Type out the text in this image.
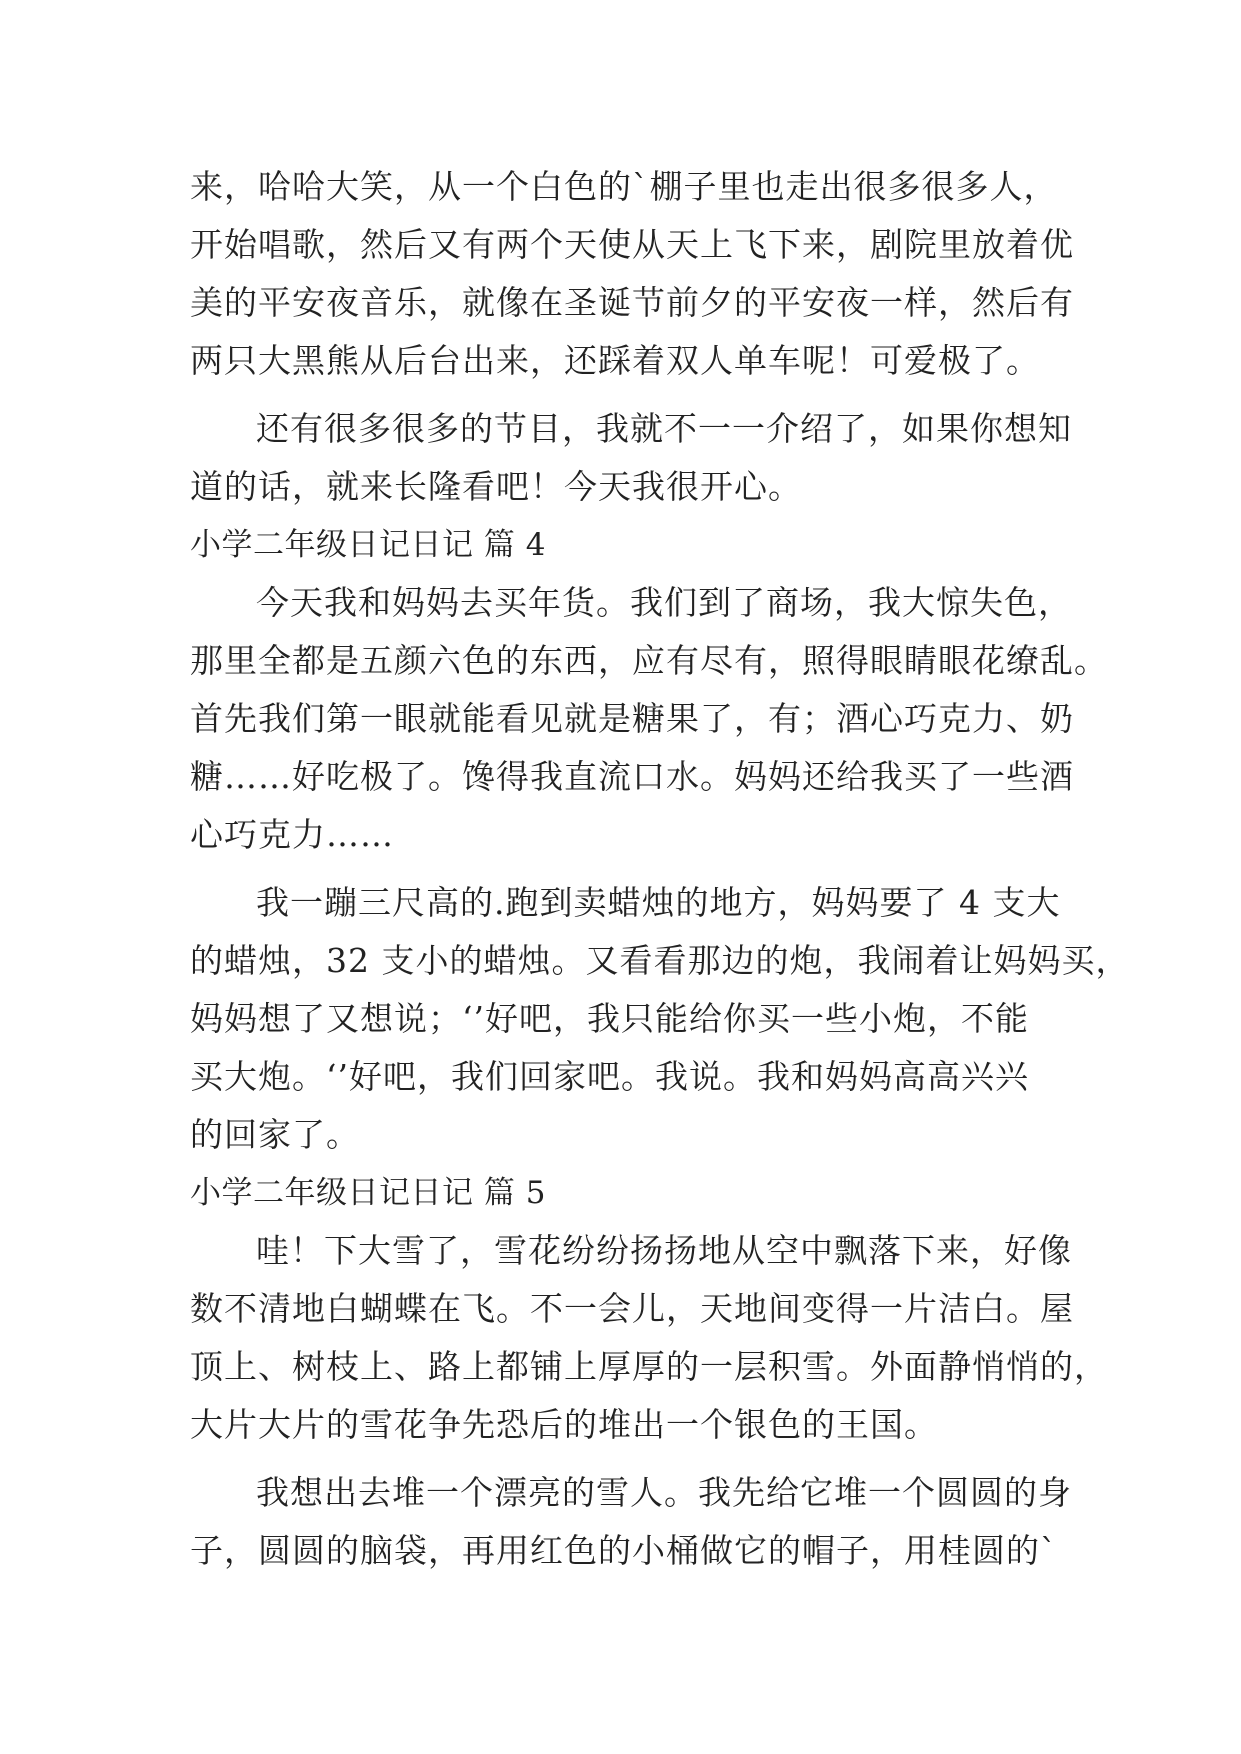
来，哈哈大笑，从一个白色的`棚子里也走出很多很多人，
开始唱歌，然后又有两个天使从天上飞下来，剧院里放着优
美的平安夜音乐，就像在圣诞节前夕的平安夜一样，然后有
两只大黑熊从后台出来，还踩着双人单车呢！可爱极了。
还有很多很多的节目，我就不一一介绍了，如果你想知
道的话，就来长隆看吧！今天我很开心。
小学二年级日记日记 篇 4
今天我和妈妈去买年货。我们到了商场，我大惊失色，
那里全都是五颜六色的东西，应有尽有，照得眼睛眼花缭乱。
首先我们第一眼就能看见就是糖果了，有；酒心巧克力、奶
糖……好吃极了。馋得我直流口水。妈妈还给我买了一些酒
心巧克力……
我一蹦三尺高的.跑到卖蜡烛的地方，妈妈要了 4 支大
的蜡烛，32 支小的蜡烛。又看看那边的炮，我闹着让妈妈买，
妈妈想了又想说；‘’好吧，我只能给你买一些小炮，不能
买大炮。‘’好吧，我们回家吧。我说。我和妈妈高高兴兴
的回家了。
小学二年级日记日记 篇 5
哇！下大雪了，雪花纷纷扬扬地从空中飘落下来，好像
数不清地白蝴蝶在飞。不一会儿，天地间变得一片洁白。屋
顶上、树枝上、路上都铺上厚厚的一层积雪。外面静悄悄的，
大片大片的雪花争先恐后的堆出一个银色的王国。
我想出去堆一个漂亮的雪人。我先给它堆一个圆圆的身
子，圆圆的脑袋，再用红色的小桶做它的帽子，用桂圆的`
